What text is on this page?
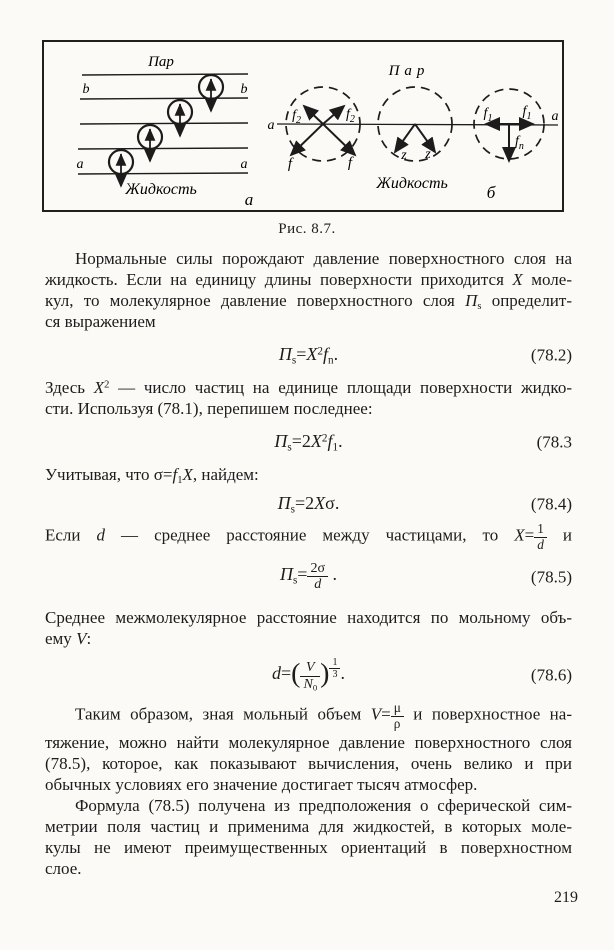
Пар
b	b
a	a
Жидкость
а
Пар
a
a
$f_2$	$f_2$
f	f	z z
$f_1$ $f_1$
$f_n$
Жидкость б
Рис. 8.7.
Нормальные силы порождают давление поверхностного слоя на
жидкость. Если на единицу длины поверхности приходится X моле-
кул, то молекулярное давление поверхностного слоя $П_s$ определит-
ся выражением
$П_s=X^2f_n$.	(78.2)
Здесь $X^2$ — число частиц на единице площади поверхности жидко-
сти. Используя (78.1), перепишем последнее:
$П_s=2X^2f_1$.	(78.3
Учитывая, что $\sigma=f_1X$, найдем:
$П_s=2X\sigma$.	(78.4)
Если d — среднее расстояние между частицами, то $X= \frac{1}{d}$ и
$П_s= \frac{2\sigma}{d}$ .	(78.5)
Среднее межмолекулярное расстояние находится по мольному объ-
ему V:
$d=( \frac{V}{N_0}$ ) $^{\frac{1}{3}}$ .	(78.6)
Таким образом, зная мольный объем $V= \frac{\mu}{\rho}$ и поверхностное на-
тяжение, можно найти молекулярное давление поверхностного слоя
(78.5), которое, как показывают вычисления, очень велико и при
обычных условиях его значение достигает тысяч атмосфер.
Формула (78.5) получена из предположения о сферической сим-
метрии поля частиц и применима для жидкостей, в которых моле-
кулы не имеют преимущественных ориентаций в поверхностном
слое.
219
